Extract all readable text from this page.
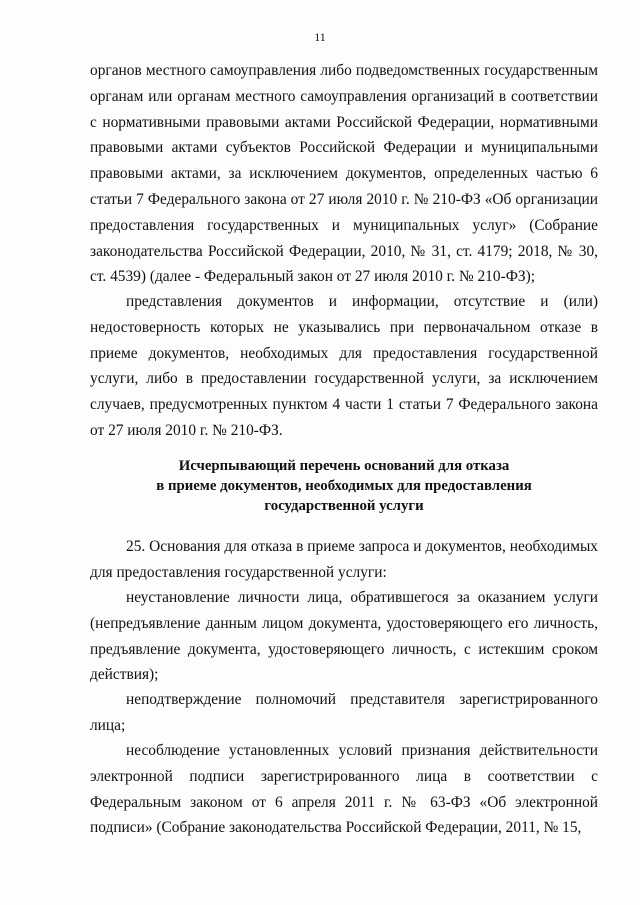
11

органов местного самоуправления либо подведомственных государственным органам или органам местного самоуправления организаций в соответствии с нормативными правовыми актами Российской Федерации, нормативными правовыми актами субъектов Российской Федерации и муниципальными правовыми актами, за исключением документов, определенных частью 6 статьи 7 Федерального закона от 27 июля 2010 г. № 210-ФЗ «Об организации предоставления государственных и муниципальных услуг» (Собрание законодательства Российской Федерации, 2010, № 31, ст. 4179; 2018, № 30, ст. 4539) (далее - Федеральный закон от 27 июля 2010 г. № 210-ФЗ);

представления документов и информации, отсутствие и (или) недостоверность которых не указывались при первоначальном отказе в приеме документов, необходимых для предоставления государственной услуги, либо в предоставлении государственной услуги, за исключением случаев, предусмотренных пунктом 4 части 1 статьи 7 Федерального закона от 27 июля 2010 г. № 210-ФЗ.

Исчерпывающий перечень оснований для отказа
в приеме документов, необходимых для предоставления
государственной услуги

25. Основания для отказа в приеме запроса и документов, необходимых для предоставления государственной услуги:

неустановление личности лица, обратившегося за оказанием услуги (непредъявление данным лицом документа, удостоверяющего его личность, предъявление документа, удостоверяющего личность, с истекшим сроком действия);

неподтверждение полномочий представителя зарегистрированного лица;

несоблюдение установленных условий признания действительности электронной подписи зарегистрированного лица в соответствии с Федеральным законом от 6 апреля 2011 г. № 63-ФЗ «Об электронной подписи» (Собрание законодательства Российской Федерации, 2011, № 15,
